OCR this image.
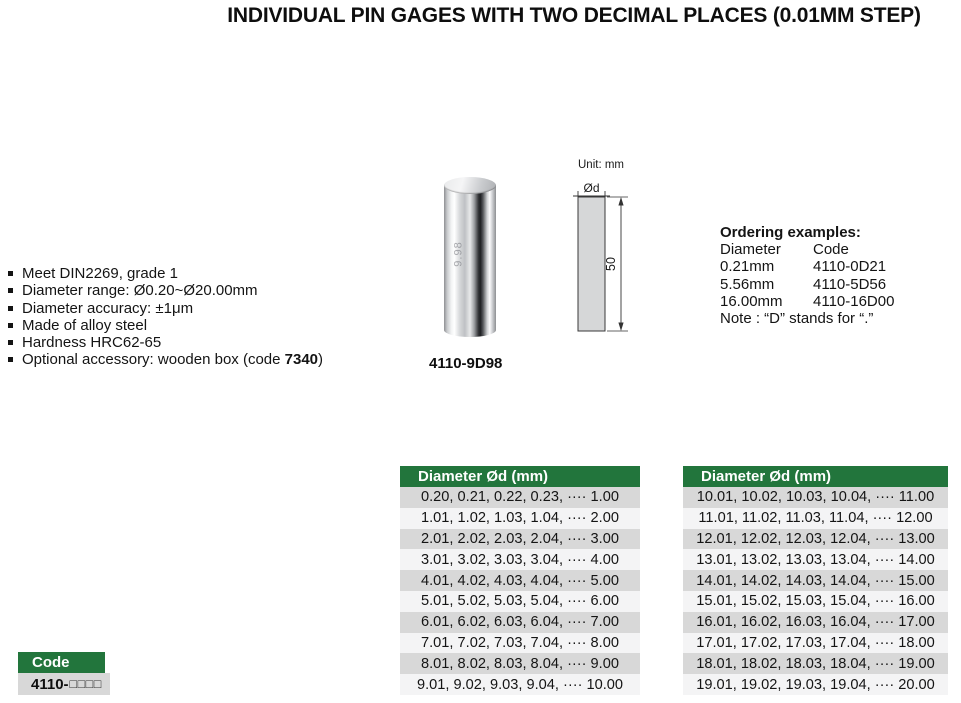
INDIVIDUAL PIN GAGES WITH TWO DECIMAL PLACES (0.01MM STEP)
Meet DIN2269, grade 1
Diameter range: Ø0.20~Ø20.00mm
Diameter accuracy: ±1μm
Made of alloy steel
Hardness HRC62-65
Optional accessory: wooden box (code 7340)
9.98
4110-9D98
Unit: mm
Ød
50
Ordering examples:
Diameter Code
0.21mm	4110-0D21
5.56mm	4110-5D56
16.00mm 4110-16D00
Note : “D” stands for “.”
Diameter Ød (mm)
0.20, 0.21, 0.22, 0.23, ···· 1.00
1.01, 1.02, 1.03, 1.04, ···· 2.00
2.01, 2.02, 2.03, 2.04, ···· 3.00
3.01, 3.02, 3.03, 3.04, ···· 4.00
4.01, 4.02, 4.03, 4.04, ···· 5.00
5.01, 5.02, 5.03, 5.04, ···· 6.00
6.01, 6.02, 6.03, 6.04, ···· 7.00
7.01, 7.02, 7.03, 7.04, ···· 8.00
8.01, 8.02, 8.03, 8.04, ···· 9.00
9.01, 9.02, 9.03, 9.04, ···· 10.00
Diameter Ød (mm)
10.01, 10.02, 10.03, 10.04, ···· 11.00
11.01, 11.02, 11.03, 11.04, ···· 12.00
12.01, 12.02, 12.03, 12.04, ···· 13.00
13.01, 13.02, 13.03, 13.04, ···· 14.00
14.01, 14.02, 14.03, 14.04, ···· 15.00
15.01, 15.02, 15.03, 15.04, ···· 16.00
16.01, 16.02, 16.03, 16.04, ···· 17.00
17.01, 17.02, 17.03, 17.04, ···· 18.00
18.01, 18.02, 18.03, 18.04, ···· 19.00
19.01, 19.02, 19.03, 19.04, ···· 20.00
Code
4110- □□□□
